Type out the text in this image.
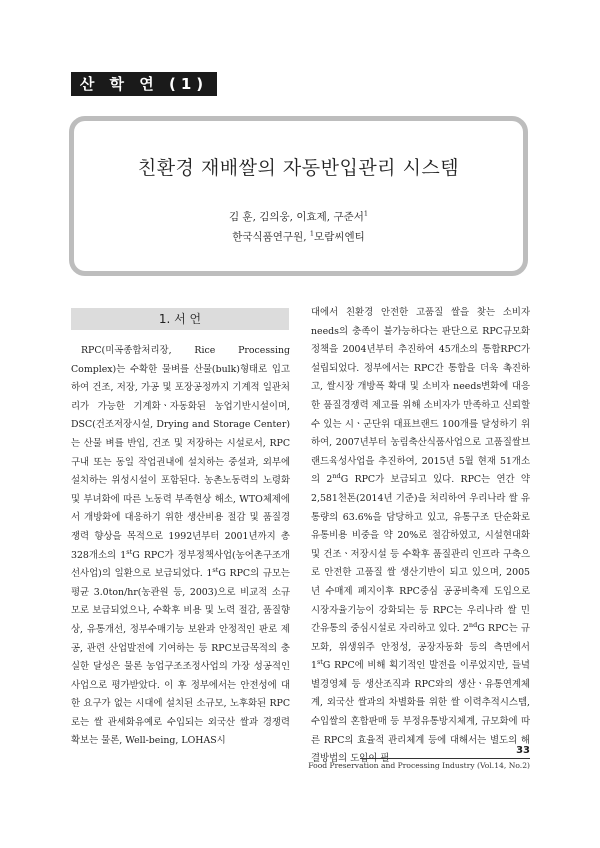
산 학 연 (1)
친환경 재배쌀의 자동반입관리 시스템
김 훈, 김의웅, 이효제, 구준서$^1$
한국식품연구원, $^1$모람씨엔티
1. 서 언

RPC(미곡종합처리장, Rice Processing Complex)는 수확한 물벼를 산물(bulk)형태로 입고하여 건조, 저장, 가공 및 포장공정까지 기계적 일관처리가 가능한 기계화ㆍ자동화된 농업기반시설이며, DSC(건조저장시설, Drying and Storage Center)는 산물 벼를 반입, 건조 및 저장하는 시설로서, RPC 구내 또는 동일 작업권내에 설치하는 중설과, 외부에 설치하는 위성시설이 포함된다. 농촌노동력의 노령화 및 부녀화에 따른 노동력 부족현상 해소, WTO체제에서 개방화에 대응하기 위한 생산비용 절감 및 품질경쟁력 향상을 목적으로 1992년부터 2001년까지 총 328개소의 1stG RPC가 정부정책사업(농어촌구조개선사업)의 일환으로 보급되었다. 1stG RPC의 규모는 평균 3.0ton/hr(농관원 등, 2003)으로 비교적 소규모로 보급되었으나, 수확후 비용 및 노력 절감, 품질향상, 유통개선, 정부수매기능 보완과 안정적인 판로 제공, 관련 산업발전에 기여하는 등 RPC보급목적의 충실한 달성은 물론 농업구조조정사업의 가장 성공적인 사업으로 평가받았다. 이 후 정부에서는 안전성에 대한 요구가 없는 시대에 설치된 소규모, 노후화된 RPC로는 쌀 관세화유예로 수입되는 외국산 쌀과 경쟁력 확보는 물론, Well-being, LOHAS시

대에서 친환경 안전한 고품질 쌀을 찾는 소비자 needs의 충족이 불가능하다는 판단으로 RPC규모화 정책을 2004년부터 추진하여 45개소의 통합RPC가 설립되었다. 정부에서는 RPC간 통합을 더욱 촉진하고, 쌀시장 개방폭 확대 및 소비자 needs변화에 대응한 품질경쟁력 제고를 위해 소비자가 만족하고 신뢰할 수 있는 시ㆍ군단위 대표브랜드 100개를 달성하기 위하여, 2007년부터 농림축산식품사업으로 고품질쌀브랜드육성사업을 추진하여, 2015년 5월 현재 51개소의 2ndG RPC가 보급되고 있다. RPC는 연간 약 2,581천톤(2014년 기준)을 처리하여 우리나라 쌀 유통량의 63.6%을 담당하고 있고, 유통구조 단순화로 유통비용 비중을 약 20%로 절감하였고, 시설현대화 및 건조ㆍ저장시설 등 수확후 품질관리 인프라 구축으로 안전한 고품질 쌀 생산기반이 되고 있으며, 2005년 수매제 폐지이후 RPC중심 공공비축제 도입으로 시장자율기능이 강화되는 등 RPC는 우리나라 쌀 민간유통의 중심시설로 자리하고 있다. 2ndG RPC는 규모화, 위생위주 안정성, 공장자동화 등의 측면에서 1stG RPC에 비해 획기적인 발전을 이루었지만, 들녘별경영체 등 생산조직과 RPC와의 생산ㆍ유통연계체계, 외국산 쌀과의 차별화를 위한 쌀 이력추적시스템, 수입쌀의 혼합판매 등 부정유통방지체계, 규모화에 따른 RPC의 효율적 관리체계 등에 대해서는 별도의 해결방법의 도입이 필

33
Food Preservation and Processing Industry (Vol.14, No.2)
